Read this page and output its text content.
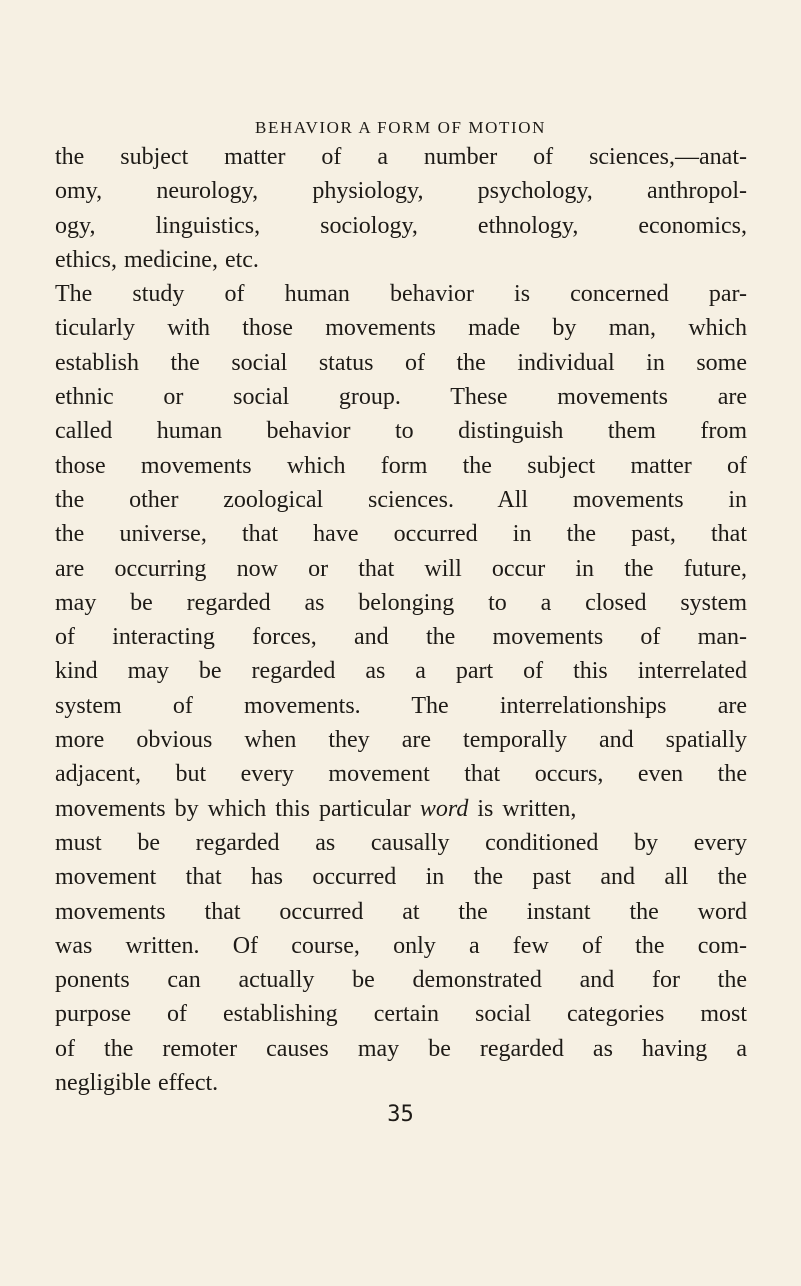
BEHAVIOR A FORM OF MOTION
the subject matter of a number of sciences,—anat-
omy, neurology, physiology, psychology, anthropol-
ogy, linguistics, sociology, ethnology, economics,
ethics, medicine, etc.
The study of human behavior is concerned par-
ticularly with those movements made by man, which
establish the social status of the individual in some
ethnic or social group. These movements are
called human behavior to distinguish them from
those movements which form the subject matter of
the other zoological sciences. All movements in
the universe, that have occurred in the past, that
are occurring now or that will occur in the future,
may be regarded as belonging to a closed system
of interacting forces, and the movements of man-
kind may be regarded as a part of this interrelated
system of movements. The interrelationships are
more obvious when they are temporally and spatially
adjacent, but every movement that occurs, even the
movements by which this particular word is written,
must be regarded as causally conditioned by every
movement that has occurred in the past and all the
movements that occurred at the instant the word
was written. Of course, only a few of the com-
ponents can actually be demonstrated and for the
purpose of establishing certain social categories most
of the remoter causes may be regarded as having a
negligible effect.
35
